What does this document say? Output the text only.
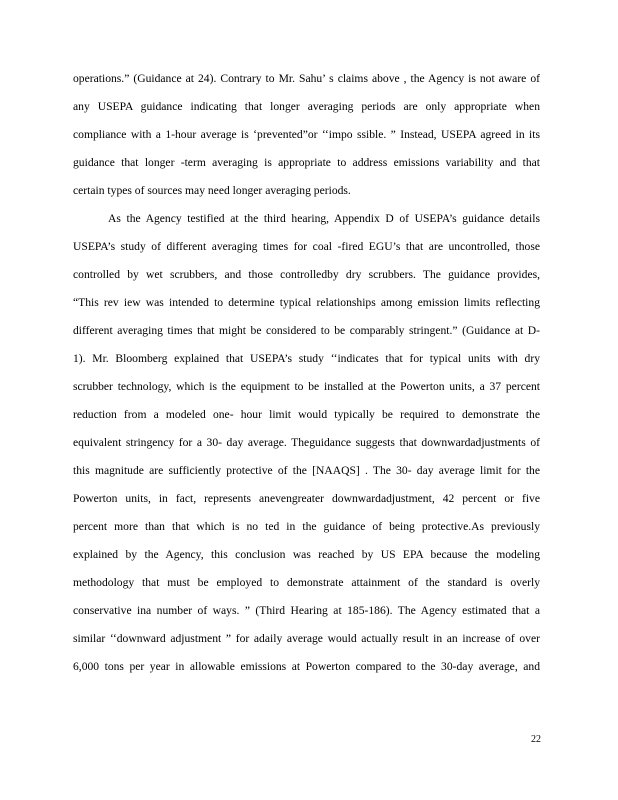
operations.” (Guidance at 24). Contrary to Mr. Sahu’ s claims above , the Agency is not aware of
any USEPA guidance indicating that longer averaging periods are only appropriate when
compliance with a 1-hour average is ‘prevented”or ‘‘impo ssible. ” Instead, USEPA agreed in its
guidance that longer -term averaging is appropriate to address emissions variability and that
certain types of sources may need longer averaging periods.
As the Agency testified at the third hearing, Appendix D of USEPA’s guidance details
USEPA’s study of different averaging times for coal -fired EGU’s that are uncontrolled, those
controlled by wet scrubbers, and those controlledby dry scrubbers. The guidance provides,
“This rev iew was intended to determine typical relationships among emission limits reflecting
different averaging times that might be considered to be comparably stringent.” (Guidance at D-
1). Mr. Bloomberg explained that USEPA’s study ‘‘indicates that for typical units with dry
scrubber technology, which is the equipment to be installed at the Powerton units, a 37 percent
reduction from a modeled one- hour limit would typically be required to demonstrate the
equivalent stringency for a 30- day average. Theguidance suggests that downwardadjustments of
this magnitude are sufficiently protective of the [NAAQS] . The 30- day average limit for the
Powerton units, in fact, represents anevengreater downwardadjustment, 42 percent or five
percent more than that which is no ted in the guidance of being protective.As previously
explained by the Agency, this conclusion was reached by US EPA because the modeling
methodology that must be employed to demonstrate attainment of the standard is overly
conservative ina number of ways. ” (Third Hearing at 185-186). The Agency estimated that a
similar ‘‘downward adjustment ” for adaily average would actually result in an increase of over
6,000 tons per year in allowable emissions at Powerton compared to the 30-day average, and
22
